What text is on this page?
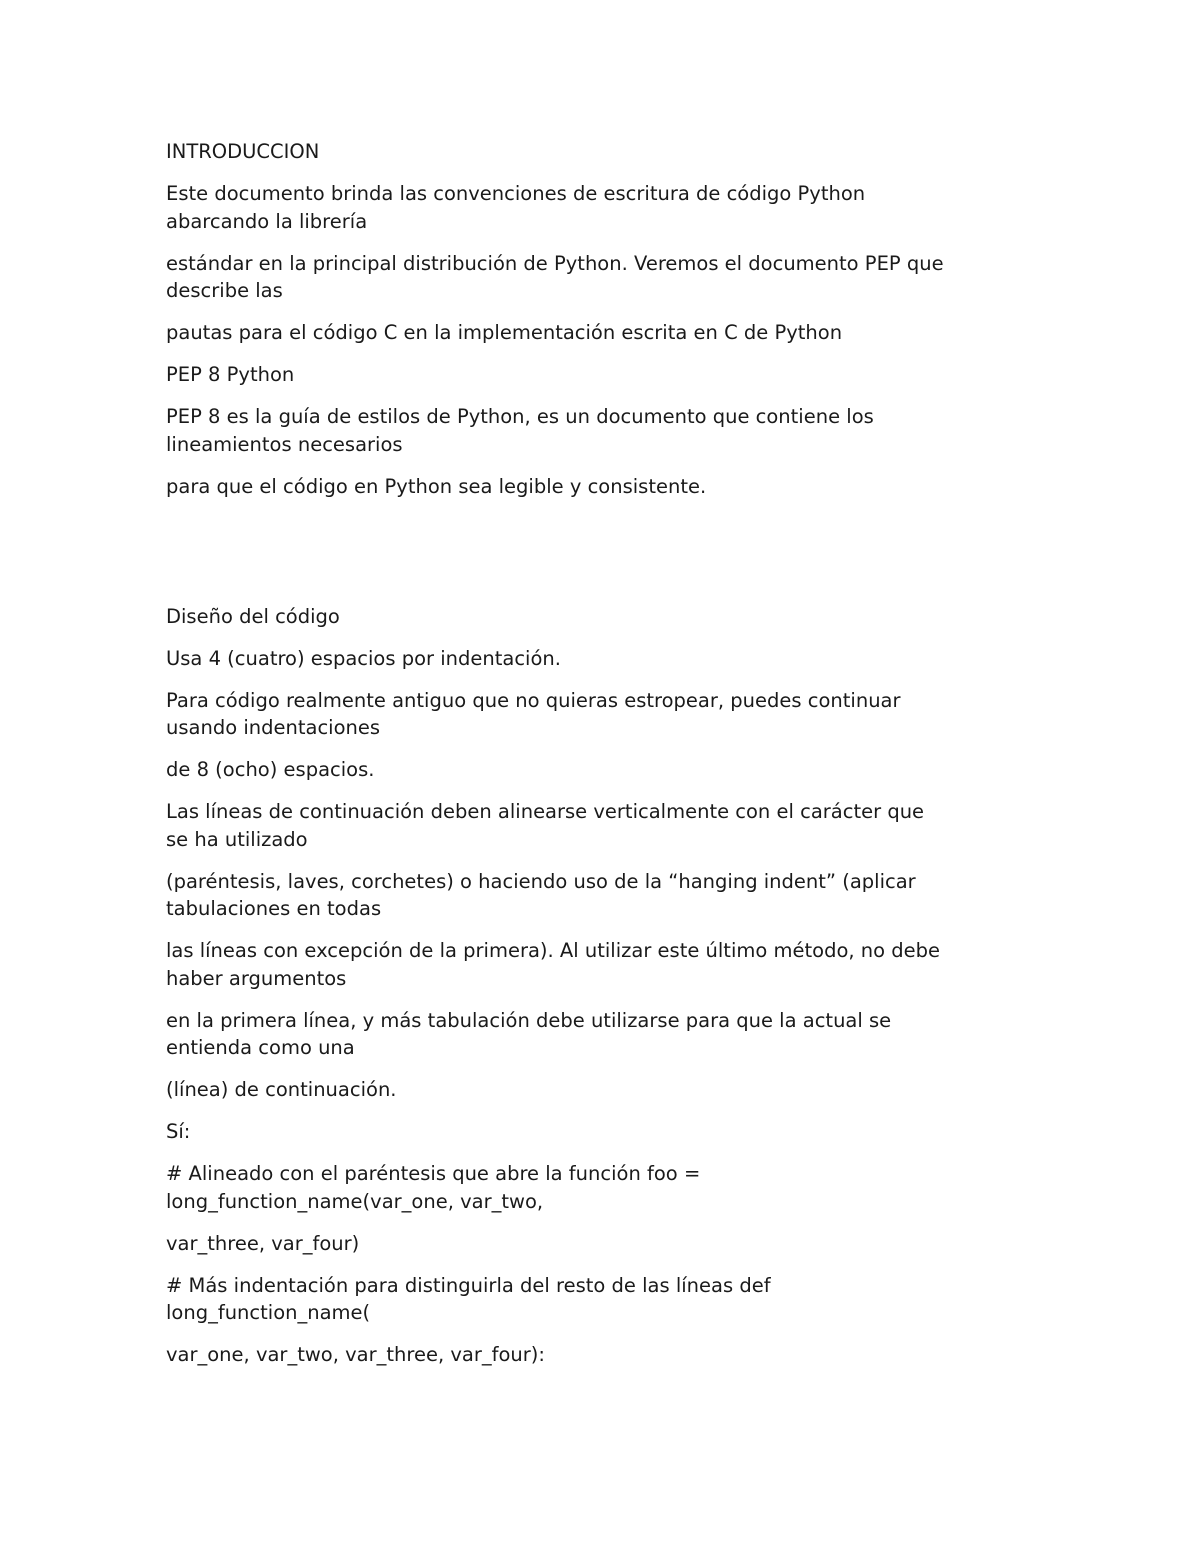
INTRODUCCION

Este documento brinda las convenciones de escritura de código Python
abarcando la librería

estándar en la principal distribución de Python. Veremos el documento PEP que
describe las

pautas para el código C en la implementación escrita en C de Python

PEP 8 Python

PEP 8 es la guía de estilos de Python, es un documento que contiene los
lineamientos necesarios

para que el código en Python sea legible y consistente.

Diseño del código

Usa 4 (cuatro) espacios por indentación.

Para código realmente antiguo que no quieras estropear, puedes continuar
usando indentaciones

de 8 (ocho) espacios.

Las líneas de continuación deben alinearse verticalmente con el carácter que
se ha utilizado

(paréntesis, laves, corchetes) o haciendo uso de la “hanging indent” (aplicar
tabulaciones en todas

las líneas con excepción de la primera). Al utilizar este último método, no debe
haber argumentos

en la primera línea, y más tabulación debe utilizarse para que la actual se
entienda como una

(línea) de continuación.

Sí:

# Alineado con el paréntesis que abre la función foo =
long_function_name(var_one, var_two,

var_three, var_four)

# Más indentación para distinguirla del resto de las líneas def
long_function_name(

var_one, var_two, var_three, var_four):
